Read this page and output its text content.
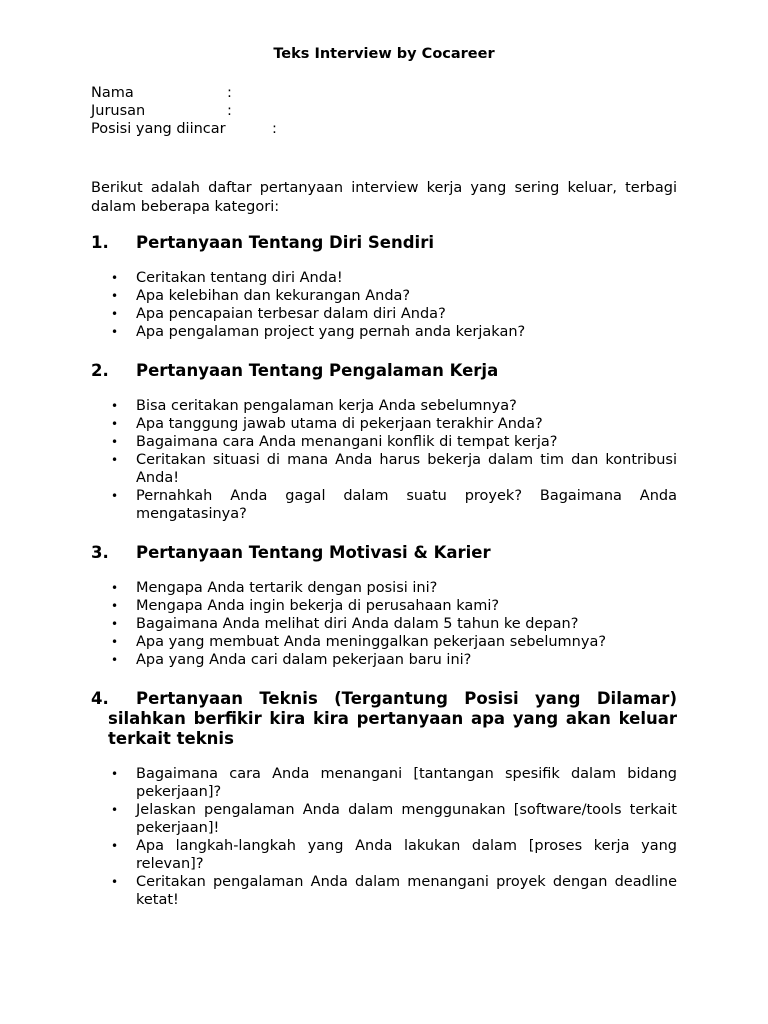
Teks Interview by Cocareer
Nama	:
Jurusan	:
Posisi yang diincar	:

Berikut adalah daftar pertanyaan interview kerja yang sering keluar, terbagi dalam beberapa kategori:

1.	Pertanyaan Tentang Diri Sendiri
• Ceritakan tentang diri Anda!
• Apa kelebihan dan kekurangan Anda?
• Apa pencapaian terbesar dalam diri Anda?
• Apa pengalaman project yang pernah anda kerjakan?
2.	Pertanyaan Tentang Pengalaman Kerja
• Bisa ceritakan pengalaman kerja Anda sebelumnya?
• Apa tanggung jawab utama di pekerjaan terakhir Anda?
• Bagaimana cara Anda menangani konflik di tempat kerja?
• Ceritakan situasi di mana Anda harus bekerja dalam tim dan kontribusi Anda!
• Pernahkah Anda gagal dalam suatu proyek? Bagaimana Anda mengatasinya?
3.	Pertanyaan Tentang Motivasi & Karier
• Mengapa Anda tertarik dengan posisi ini?
• Mengapa Anda ingin bekerja di perusahaan kami?
• Bagaimana Anda melihat diri Anda dalam 5 tahun ke depan?
• Apa yang membuat Anda meninggalkan pekerjaan sebelumnya?
• Apa yang Anda cari dalam pekerjaan baru ini?
4. Pertanyaan Teknis (Tergantung Posisi yang Dilamar) silahkan berfikir kira kira pertanyaan apa yang akan keluar terkait teknis
• Bagaimana cara Anda menangani [tantangan spesifik dalam bidang pekerjaan]?
• Jelaskan pengalaman Anda dalam menggunakan [software/tools terkait pekerjaan]!
• Apa langkah-langkah yang Anda lakukan dalam [proses kerja yang relevan]?
• Ceritakan pengalaman Anda dalam menangani proyek dengan deadline ketat!
